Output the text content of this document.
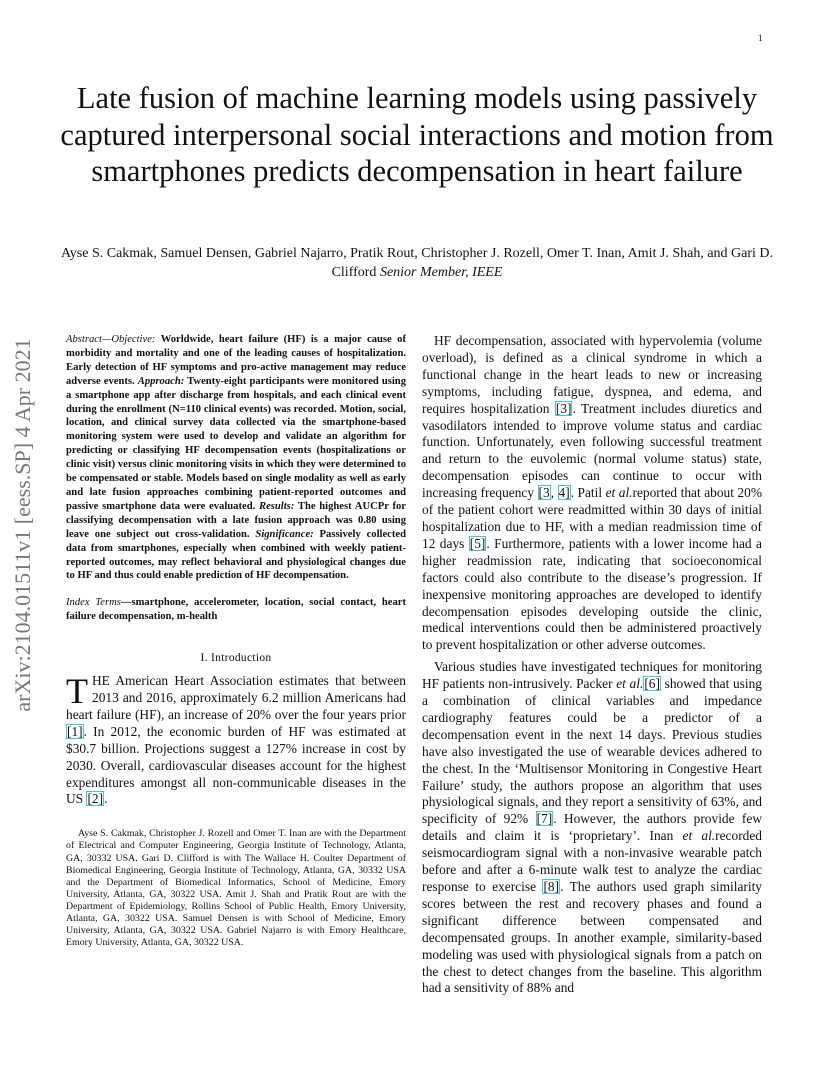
1
arXiv:2104.01511v1 [eess.SP] 4 Apr 2021
Late fusion of machine learning models using passively captured interpersonal social interactions and motion from smartphones predicts decompensation in heart failure

Ayse S. Cakmak, Samuel Densen, Gabriel Najarro, Pratik Rout, Christopher J. Rozell, Omer T. Inan, Amit J. Shah, and Gari D. Clifford Senior Member, IEEE

Abstract—Objective: Worldwide, heart failure (HF) is a major cause of morbidity and mortality and one of the leading causes of hospitalization. Early detection of HF symptoms and pro-active management may reduce adverse events. Approach: Twenty-eight participants were monitored using a smartphone app after discharge from hospitals, and each clinical event during the enrollment (N=110 clinical events) was recorded. Motion, social, location, and clinical survey data collected via the smartphone-based monitoring system were used to develop and validate an algorithm for predicting or classifying HF decompensation events (hospitalizations or clinic visit) versus clinic monitoring visits in which they were determined to be compensated or stable. Models based on single modality as well as early and late fusion approaches combining patient-reported outcomes and passive smartphone data were evaluated. Results: The highest AUCPr for classifying decompensation with a late fusion approach was 0.80 using leave one subject out cross-validation. Significance: Passively collected data from smartphones, especially when combined with weekly patient-reported outcomes, may reflect behavioral and physiological changes due to HF and thus could enable prediction of HF decompensation.

Index Terms—smartphone, accelerometer, location, social contact, heart failure decompensation, m-health

I. Introduction

THE American Heart Association estimates that between 2013 and 2016, approximately 6.2 million Americans had heart failure (HF), an increase of 20% over the four years prior [1]. In 2012, the economic burden of HF was estimated at $30.7 billion. Projections suggest a 127% increase in cost by 2030. Overall, cardiovascular diseases account for the highest expenditures amongst all non-communicable diseases in the US [2].

Ayse S. Cakmak, Christopher J. Rozell and Omer T. Inan are with the Department of Electrical and Computer Engineering, Georgia Institute of Technology, Atlanta, GA, 30332 USA. Gari D. Clifford is with The Wallace H. Coulter Department of Biomedical Engineering, Georgia Institute of Technology, Atlanta, GA, 30332 USA and the Department of Biomedical Informatics, School of Medicine, Emory University, Atlanta, GA, 30322 USA. Amit J. Shah and Pratik Rout are with the Department of Epidemiology, Rollins School of Public Health, Emory University, Atlanta, GA, 30322 USA. Samuel Densen is with School of Medicine, Emory University, Atlanta, GA, 30322 USA. Gabriel Najarro is with Emory Healthcare, Emory University, Atlanta, GA, 30322 USA.

HF decompensation, associated with hypervolemia (volume overload), is defined as a clinical syndrome in which a functional change in the heart leads to new or increasing symptoms, including fatigue, dyspnea, and edema, and requires hospitalization [3]. Treatment includes diuretics and vasodilators intended to improve volume status and cardiac function. Unfortunately, even following successful treatment and return to the euvolemic (normal volume status) state, decompensation episodes can continue to occur with increasing frequency [3, 4]. Patil et al.reported that about 20% of the patient cohort were readmitted within 30 days of initial hospitalization due to HF, with a median readmission time of 12 days [5]. Furthermore, patients with a lower income had a higher readmission rate, indicating that socioeconomical factors could also contribute to the disease’s progression. If inexpensive monitoring approaches are developed to identify decompensation episodes developing outside the clinic, medical interventions could then be administered proactively to prevent hospitalization or other adverse outcomes.

Various studies have investigated techniques for monitoring HF patients non-intrusively. Packer et al.[6] showed that using a combination of clinical variables and impedance cardiography features could be a predictor of a decompensation event in the next 14 days. Previous studies have also investigated the use of wearable devices adhered to the chest. In the ‘Multisensor Monitoring in Congestive Heart Failure’ study, the authors propose an algorithm that uses physiological signals, and they report a sensitivity of 63%, and specificity of 92% [7]. However, the authors provide few details and claim it is ‘proprietary’. Inan et al.recorded seismocardiogram signal with a non-invasive wearable patch before and after a 6-minute walk test to analyze the cardiac response to exercise [8]. The authors used graph similarity scores between the rest and recovery phases and found a significant difference between compensated and decompensated groups. In another example, similarity-based modeling was used with physiological signals from a patch on the chest to detect changes from the baseline. This algorithm had a sensitivity of 88% and
